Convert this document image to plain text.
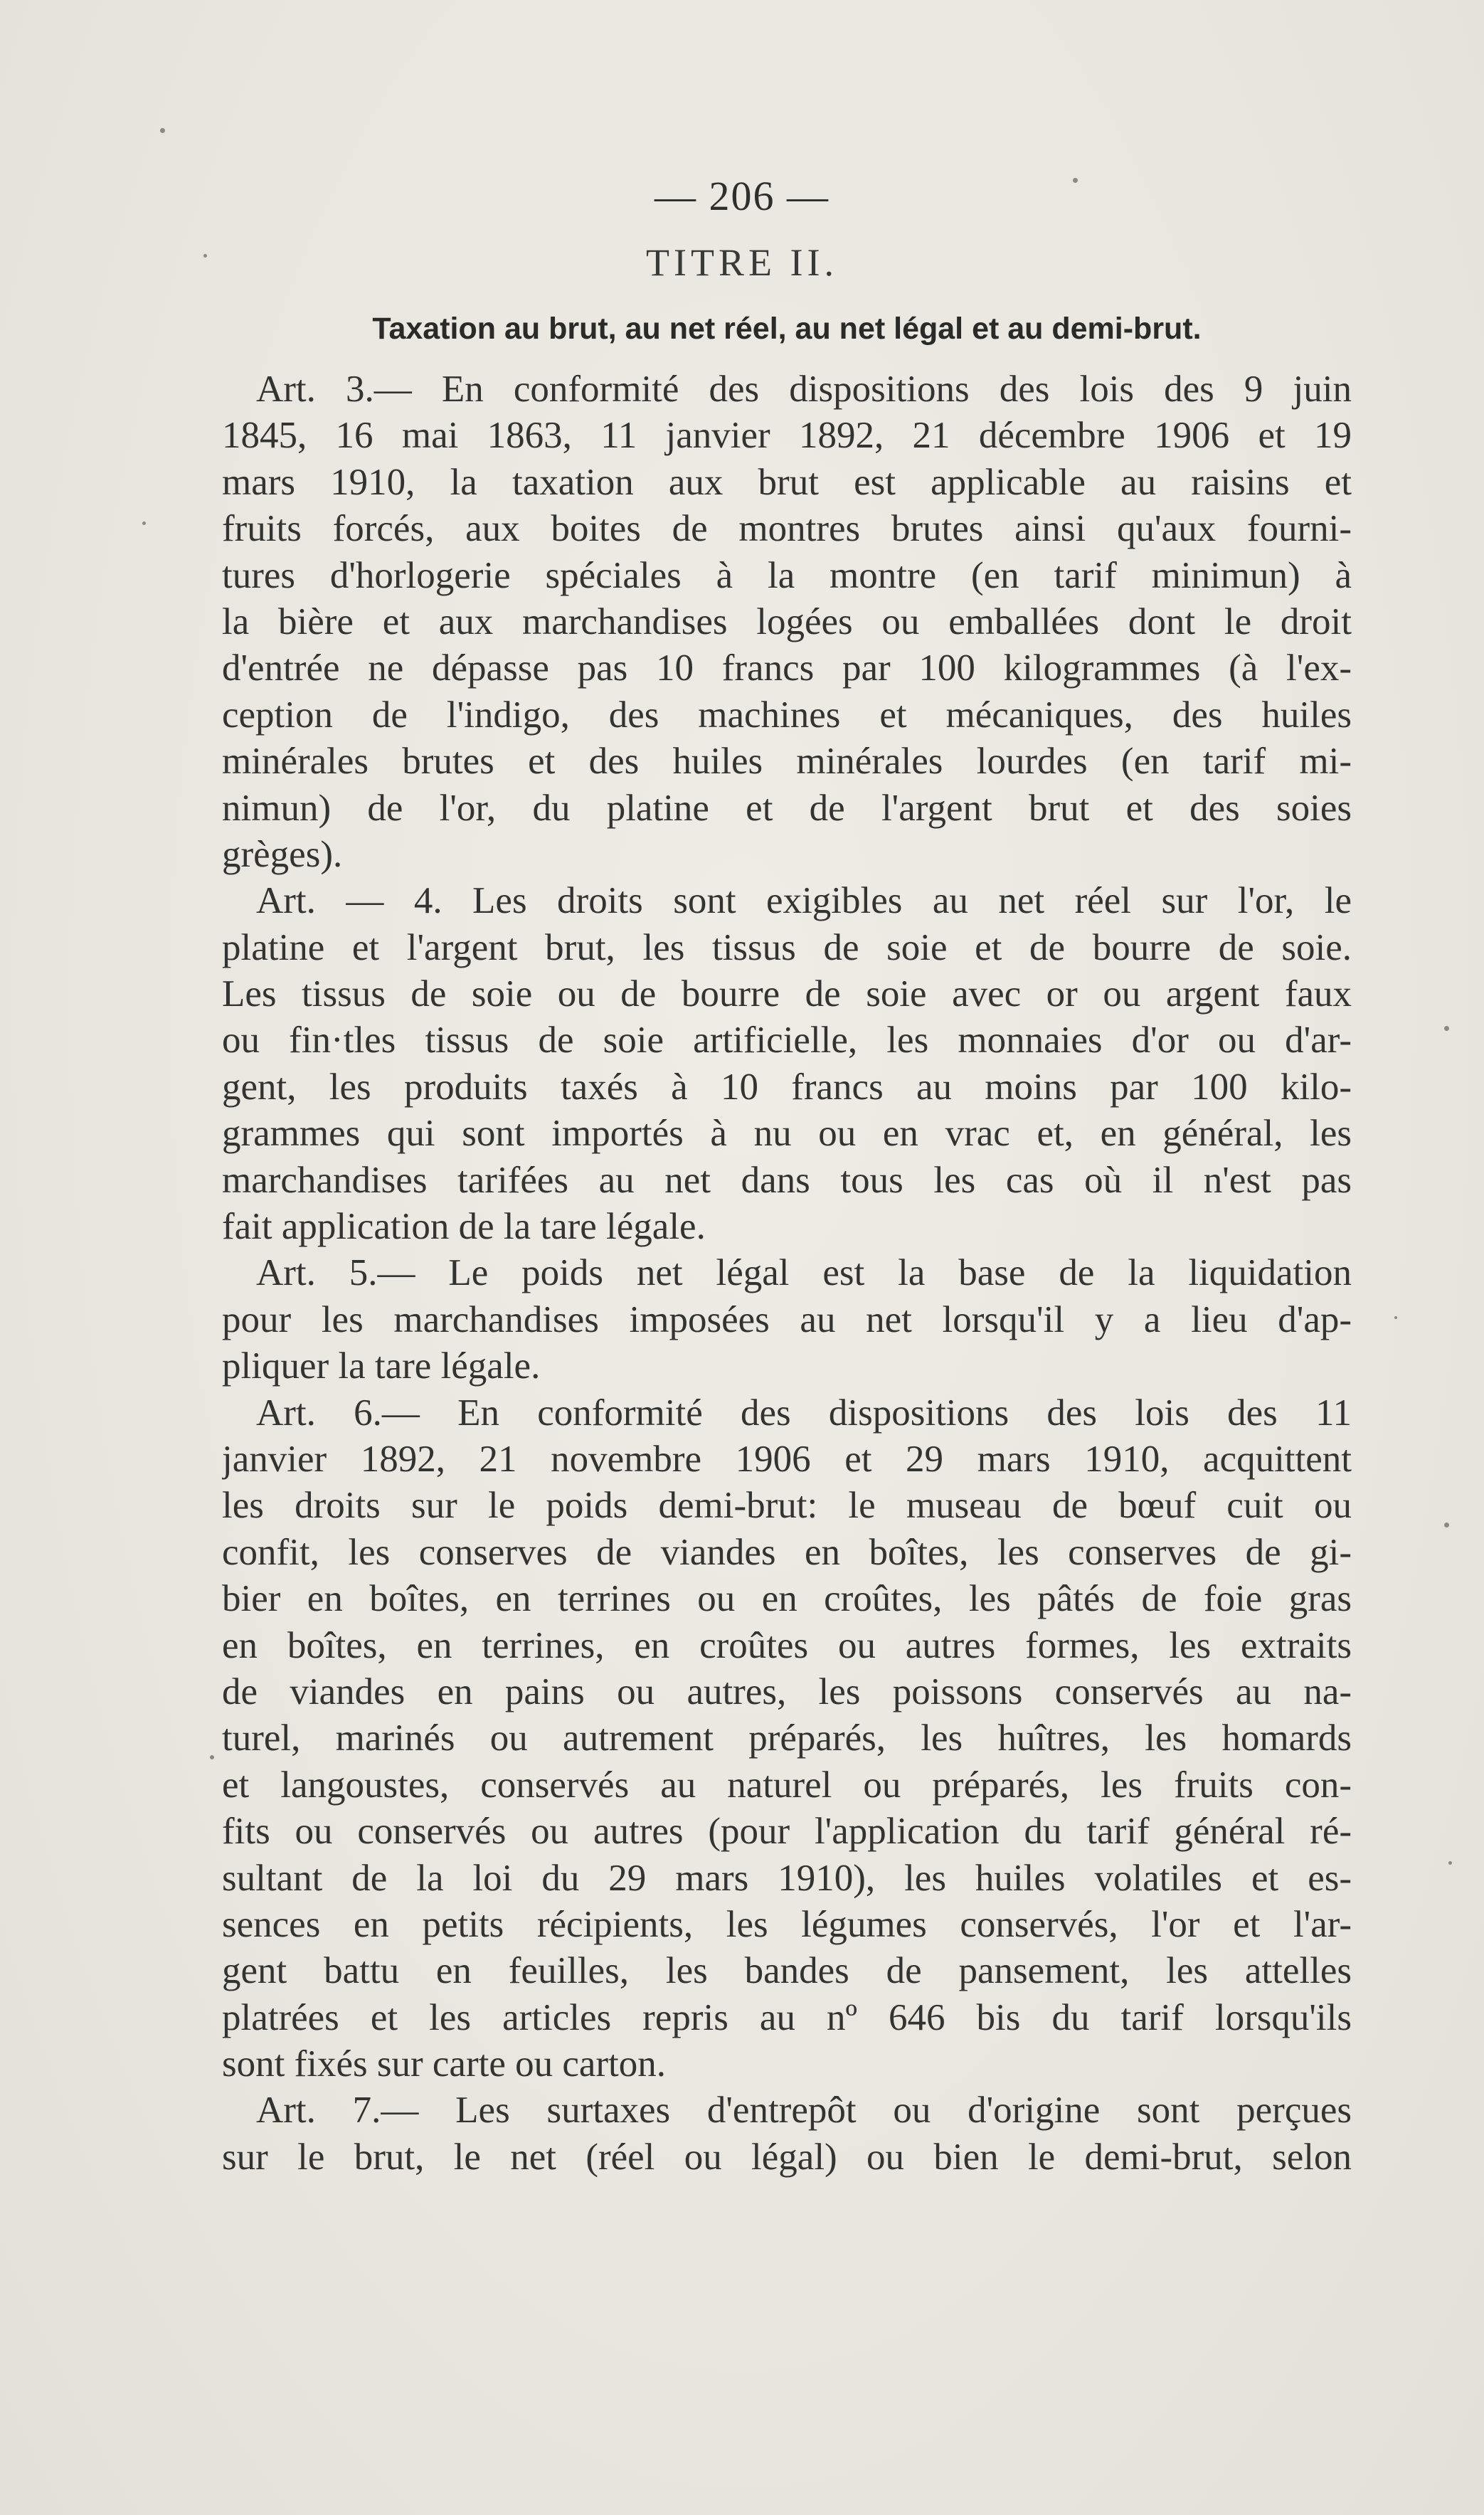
— 206 —
TITRE II.
Taxation au brut, au net réel, au net légal et au demi-brut.
Art. 3.— En conformité des dispositions des lois des 9 juin
1845, 16 mai 1863, 11 janvier 1892, 21 décembre 1906 et 19
mars 1910, la taxation aux brut est applicable au raisins et
fruits forcés, aux boites de montres brutes ainsi qu'aux fourni-
tures d'horlogerie spéciales à la montre (en tarif minimun) à
la bière et aux marchandises logées ou emballées dont le droit
d'entrée ne dépasse pas 10 francs par 100 kilogrammes (à l'ex-
ception de l'indigo, des machines et mécaniques, des huiles
minérales brutes et des huiles minérales lourdes (en tarif mi-
nimun) de l'or, du platine et de l'argent brut et des soies
grèges).
Art. — 4. Les droits sont exigibles au net réel sur l'or, le
platine et l'argent brut, les tissus de soie et de bourre de soie.
Les tissus de soie ou de bourre de soie avec or ou argent faux
ou fin·tles tissus de soie artificielle, les monnaies d'or ou d'ar-
gent, les produits taxés à 10 francs au moins par 100 kilo-
grammes qui sont importés à nu ou en vrac et, en général, les
marchandises tarifées au net dans tous les cas où il n'est pas
fait application de la tare légale.
Art. 5.— Le poids net légal est la base de la liquidation
pour les marchandises imposées au net lorsqu'il y a lieu d'ap-
pliquer la tare légale.
Art. 6.— En conformité des dispositions des lois des 11
janvier 1892, 21 novembre 1906 et 29 mars 1910, acquittent
les droits sur le poids demi-brut: le museau de bœuf cuit ou
confit, les conserves de viandes en boîtes, les conserves de gi-
bier en boîtes, en terrines ou en croûtes, les pâtés de foie gras
en boîtes, en terrines, en croûtes ou autres formes, les extraits
de viandes en pains ou autres, les poissons conservés au na-
turel, marinés ou autrement préparés, les huîtres, les homards
et langoustes, conservés au naturel ou préparés, les fruits con-
fits ou conservés ou autres (pour l'application du tarif général ré-
sultant de la loi du 29 mars 1910), les huiles volatiles et es-
sences en petits récipients, les légumes conservés, l'or et l'ar-
gent battu en feuilles, les bandes de pansement, les attelles
platrées et les articles repris au nº 646 bis du tarif lorsqu'ils
sont fixés sur carte ou carton.
Art. 7.— Les surtaxes d'entrepôt ou d'origine sont perçues
sur le brut, le net (réel ou légal) ou bien le demi-brut, selon
